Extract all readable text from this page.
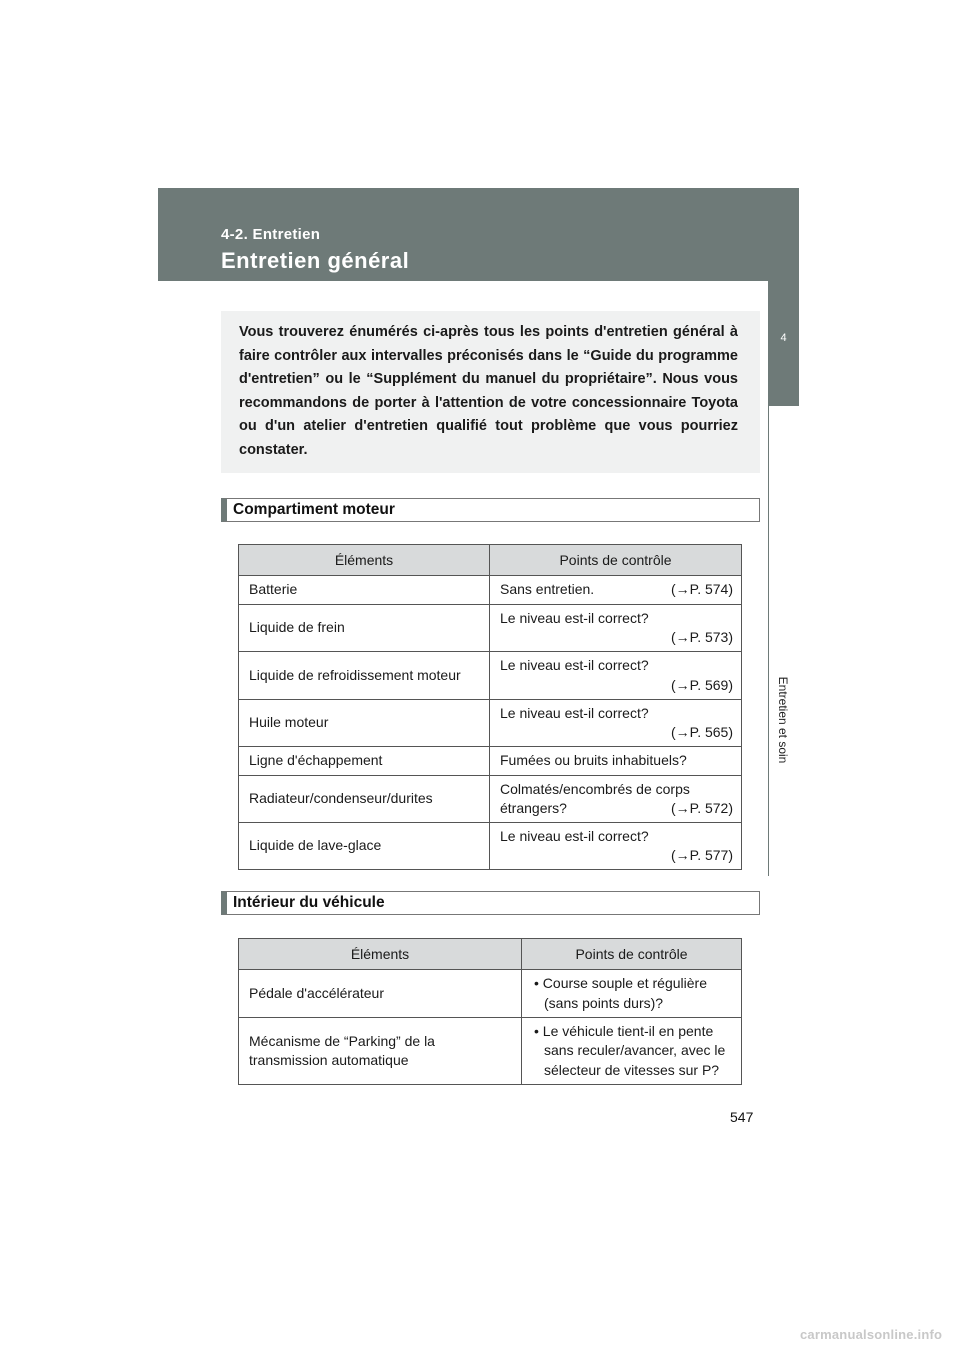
4-2. Entretien
Entretien général
4
Entretien et soin

Vous trouverez énumérés ci-après tous les points d'entretien général à faire contrôler aux intervalles préconisés dans le “Guide du programme d'entretien” ou le “Supplément du manuel du propriétaire”. Nous vous recommandons de porter à l'attention de votre concessionnaire Toyota ou d'un atelier d'entretien qualifié tout problème que vous pourriez constater.

Compartiment moteur
Éléments	Points de contrôle
Batterie	Sans entretien. (→P. 574)

Liquide de frein	Le niveau est-il correct?
(→P. 573)

Liquide de refroidissement moteur	Le niveau est-il correct?
(→P. 569)

Huile moteur	Le niveau est-il correct?
(→P. 565)

Ligne d'échappement	Fumées ou bruits inhabituels?
Radiateur/condenseur/durites	Colmatés/encombrés de corps
étrangers? (→P. 572)

Liquide de lave-glace	Le niveau est-il correct?
(→P. 577)
Intérieur du véhicule
Éléments	Points de contrôle
Pédale d'accélérateur	• Course souple et régulière (sans points durs)?

Mécanisme de “Parking” de la transmission automatique	• Le véhicule tient-il en pente sans reculer/avancer, avec le sélecteur de vitesses sur P?
547
carmanualsonline.info
